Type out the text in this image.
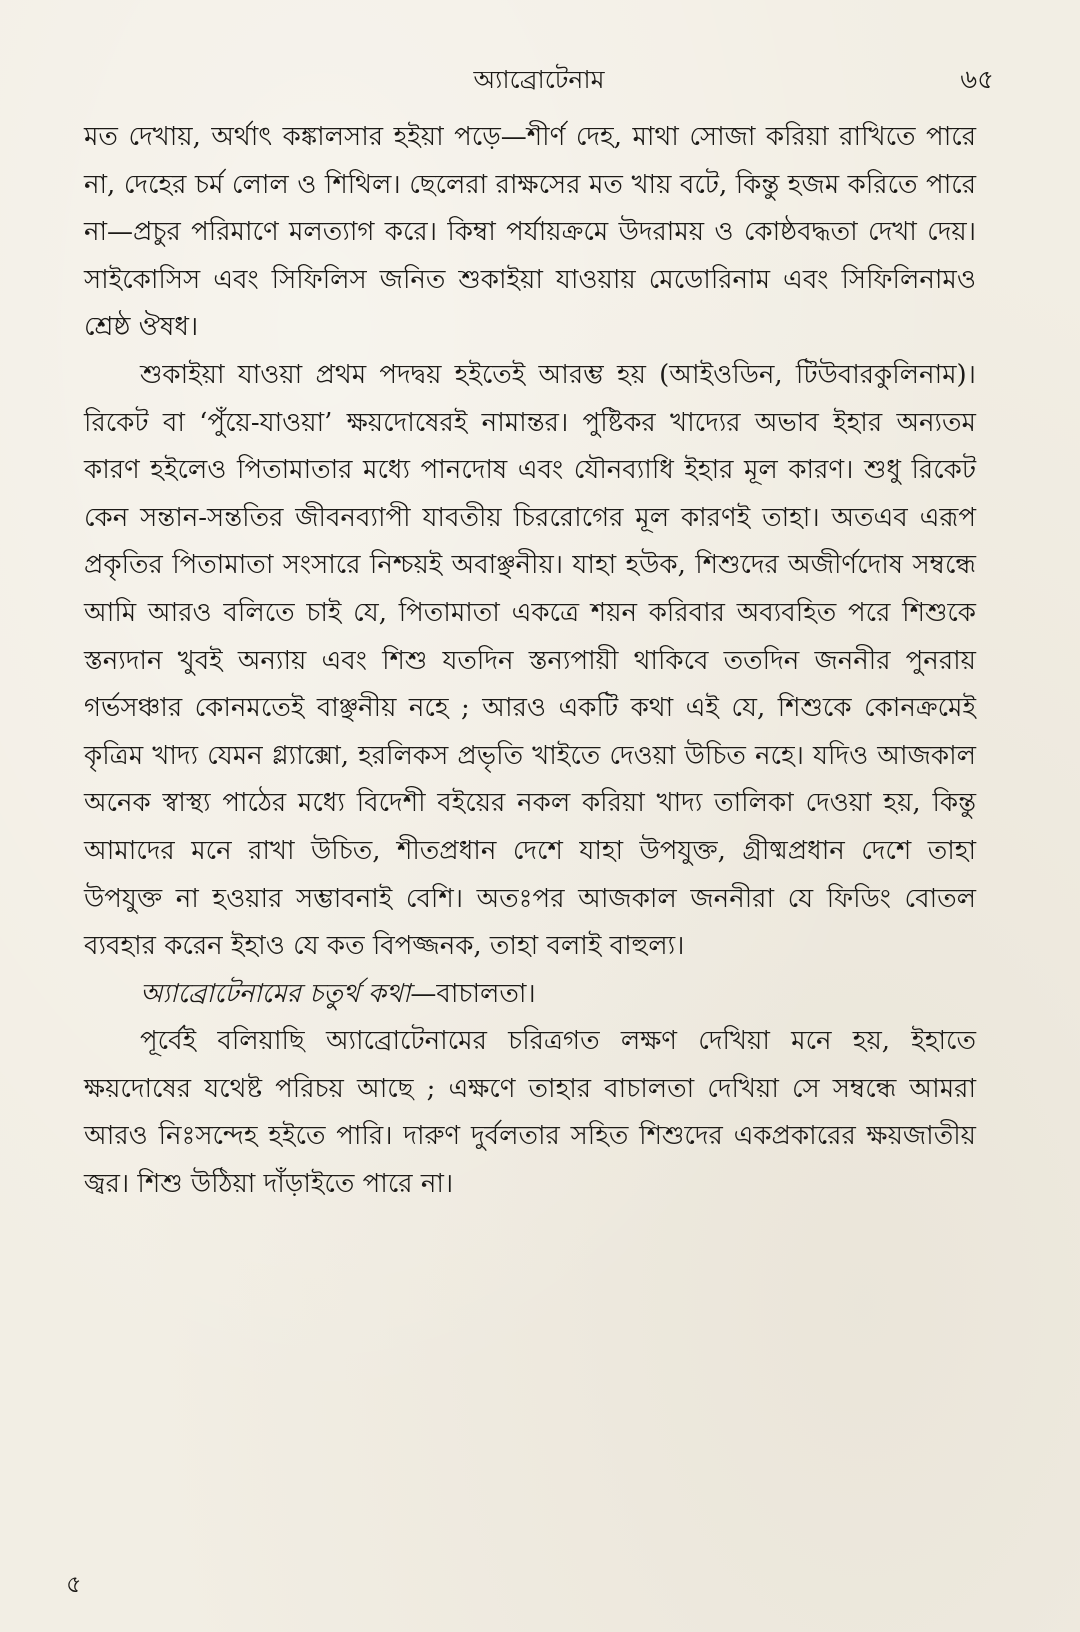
অ্যাব্রোটেনাম	৬৫

মত দেখায়, অর্থাৎ কঙ্কালসার হইয়া পড়ে—শীর্ণ দেহ, মাথা সোজা করিয়া রাখিতে পারে না, দেহের চর্ম লোল ও শিথিল। ছেলেরা রাক্ষসের মত খায় বটে, কিন্তু হজম করিতে পারে না—প্রচুর পরিমাণে মলত্যাগ করে। কিম্বা পর্যায়ক্রমে উদরাময় ও কোষ্ঠবদ্ধতা দেখা দেয়। সাইকোসিস এবং সিফিলিস জনিত শুকাইয়া যাওয়ায় মেডোরিনাম এবং সিফিলিনামও শ্রেষ্ঠ ঔষধ।

শুকাইয়া যাওয়া প্রথম পদদ্বয় হইতেই আরম্ভ হয় (আইওডিন, টিউবারকুলিনাম)। রিকেট বা ‘পুঁয়ে-যাওয়া’ ক্ষয়দোষেরই নামান্তর। পুষ্টিকর খাদ্যের অভাব ইহার অন্যতম কারণ হইলেও পিতামাতার মধ্যে পানদোষ এবং যৌনব্যাধি ইহার মূল কারণ। শুধু রিকেট কেন সন্তান-সন্ততির জীবনব্যাপী যাবতীয় চিররোগের মূল কারণই তাহা। অতএব এরূপ প্রকৃতির পিতামাতা সংসারে নিশ্চয়ই অবাঞ্ছনীয়। যাহা হউক, শিশুদের অজীর্ণদোষ সম্বন্ধে আমি আরও বলিতে চাই যে, পিতামাতা একত্রে শয়ন করিবার অব্যবহিত পরে শিশুকে স্তন্যদান খুবই অন্যায় এবং শিশু যতদিন স্তন্যপায়ী থাকিবে ততদিন জননীর পুনরায় গর্ভসঞ্চার কোনমতেই বাঞ্ছনীয় নহে ; আরও একটি কথা এই যে, শিশুকে কোনক্রমেই কৃত্রিম খাদ্য যেমন গ্ল্যাক্সো, হরলিকস প্রভৃতি খাইতে দেওয়া উচিত নহে। যদিও আজকাল অনেক স্বাস্থ্য পাঠের মধ্যে বিদেশী বইয়ের নকল করিয়া খাদ্য তালিকা দেওয়া হয়, কিন্তু আমাদের মনে রাখা উচিত, শীতপ্রধান দেশে যাহা উপযুক্ত, গ্রীষ্মপ্রধান দেশে তাহা উপযুক্ত না হওয়ার সম্ভাবনাই বেশি। অতঃপর আজকাল জননীরা যে ফিডিং বোতল ব্যবহার করেন ইহাও যে কত বিপজ্জনক, তাহা বলাই বাহুল্য।

অ্যাব্রোটেনামের চতুর্থ কথা—বাচালতা।

পূর্বেই বলিয়াছি অ্যাব্রোটেনামের চরিত্রগত লক্ষণ দেখিয়া মনে হয়, ইহাতে ক্ষয়দোষের যথেষ্ট পরিচয় আছে ; এক্ষণে তাহার বাচালতা দেখিয়া সে সম্বন্ধে আমরা আরও নিঃসন্দেহ হইতে পারি। দারুণ দুর্বলতার সহিত শিশুদের একপ্রকারের ক্ষয়জাতীয় জ্বর। শিশু উঠিয়া দাঁড়াইতে পারে না।

৫
